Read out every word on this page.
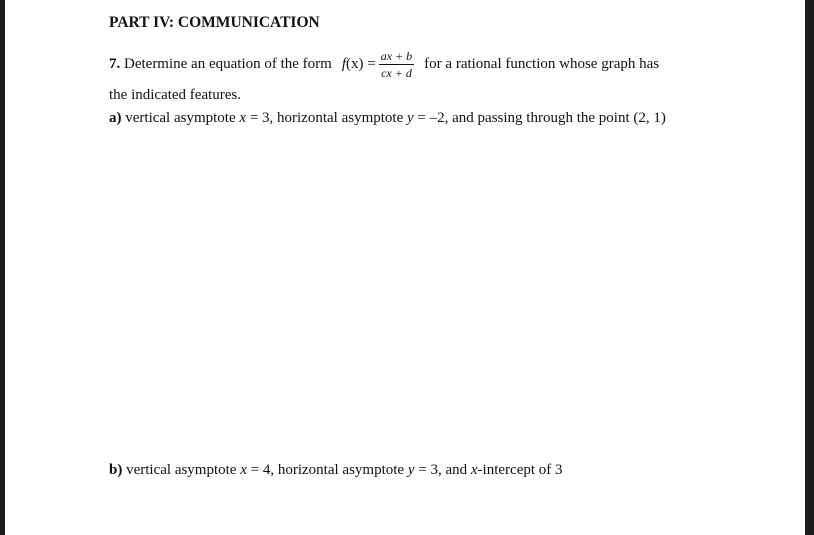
PART IV: COMMUNICATION
7.
Determine an equation of the form f (x)
= $\frac{ax + b}{cx + d}$ for a rational function whose graph has
the indicated features.
a) vertical asymptote x = 3, horizontal asymptote y = –2, and passing through the point (2, 1)
b) vertical asymptote x = 4, horizontal asymptote y = 3, and x-intercept of 3
